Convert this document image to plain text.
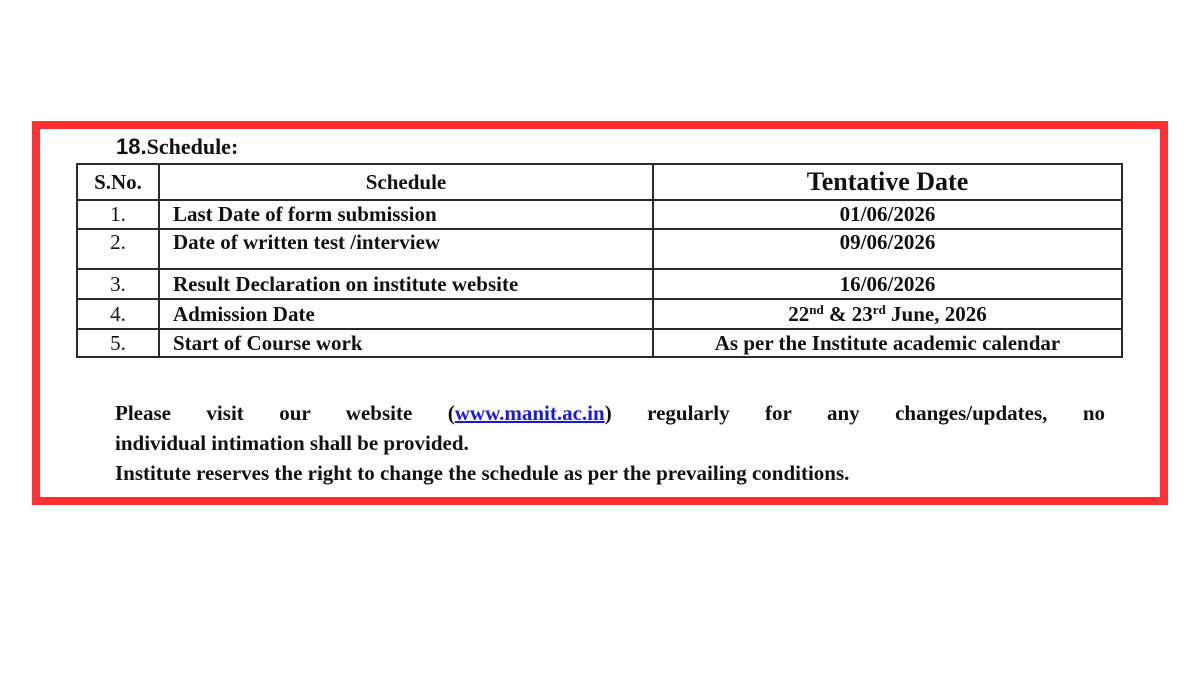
18.Schedule:
S.No.	Schedule	Tentative Date
1.	Last Date of form submission	01/06/2026
2.	Date of written test /interview	09/06/2026
3.	Result Declaration on institute website	16/06/2026
4.	Admission Date	22nd & 23rd June, 2026
5.	Start of Course work	As per the Institute academic calendar

Please visit our website (www.manit.ac.in) regularly for any changes/updates, no
individual intimation shall be provided.

Institute reserves the right to change the schedule as per the prevailing conditions.
